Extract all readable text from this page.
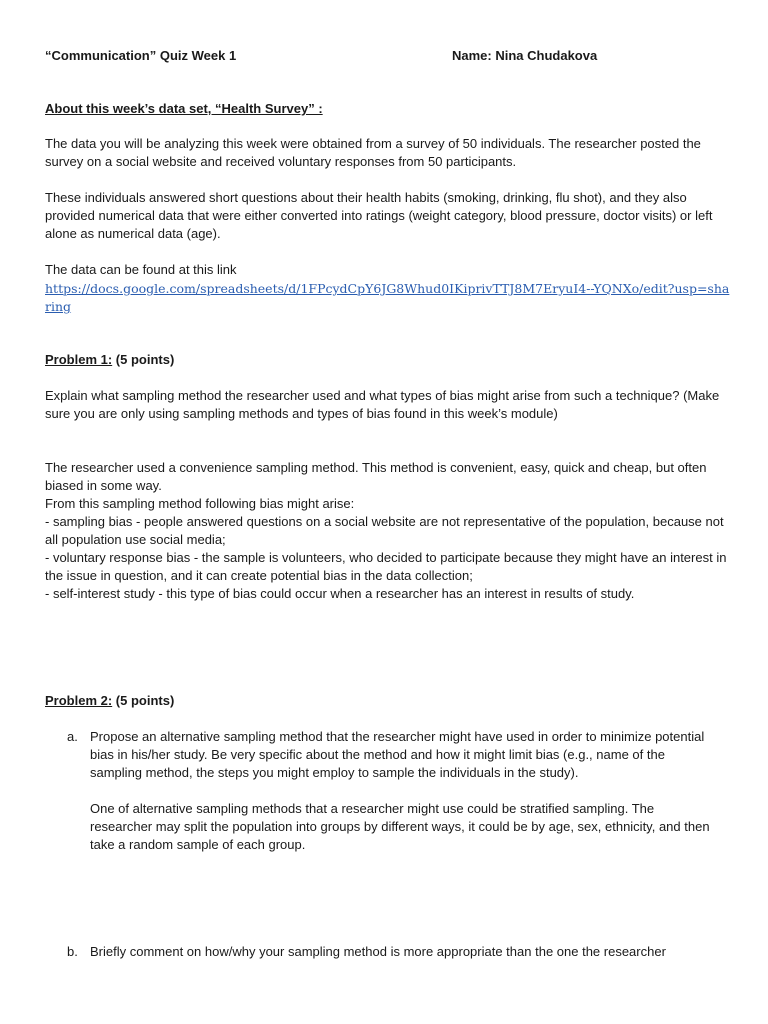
“Communication” Quiz Week 1	Name: Nina Chudakova

About this week’s data set, “Health Survey” :

The data you will be analyzing this week were obtained from a survey of 50 individuals. The researcher posted the survey on a social website and received voluntary responses from 50 participants.

These individuals answered short questions about their health habits (smoking, drinking, flu shot), and they also provided numerical data that were either converted into ratings (weight category, blood pressure, doctor visits) or left alone as numerical data (age).

The data can be found at this link

https://docs.google.com/spreadsheets/d/1FPcydCpY6JG8Whud0IKiprivTTJ8M7EryuI4--YQNXo/edit?usp=sharing

Problem 1: (5 points)

Explain what sampling method the researcher used and what types of bias might arise from such a technique? (Make sure you are only using sampling methods and types of bias found in this week’s module)

The researcher used a convenience sampling method. This method is convenient, easy, quick and cheap, but often biased in some way.

From this sampling method following bias might arise:

- sampling bias - people answered questions on a social website are not representative of the population, because not all population use social media;

- voluntary response bias - the sample is volunteers, who decided to participate because they might have an interest in the issue in question, and it can create potential bias in the data collection;

- self-interest study - this type of bias could occur when a researcher has an interest in results of study.

Problem 2: (5 points)

a. Propose an alternative sampling method that the researcher might have used in order to minimize potential bias in his/her study. Be very specific about the method and how it might limit bias (e.g., name of the sampling method, the steps you might employ to sample the individuals in the study).
One of alternative sampling methods that a researcher might use could be stratified sampling. The researcher may split the population into groups by different ways, it could be by age, sex, ethnicity, and then take a random sample of each group.
b. Briefly comment on how/why your sampling method is more appropriate than the one the researcher
